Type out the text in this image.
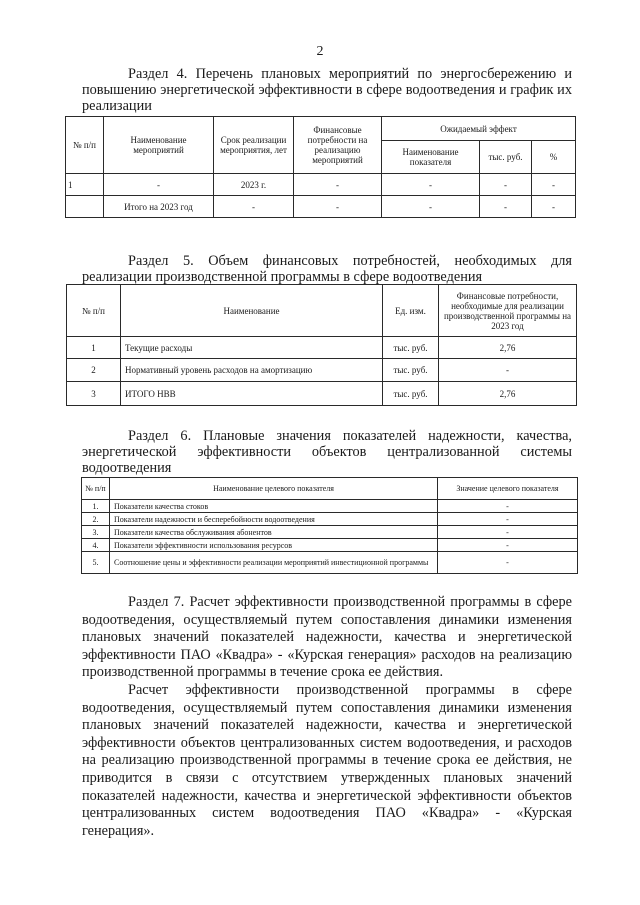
2
Раздел 4. Перечень плановых мероприятий по энергосбережению и повышению энергетической эффективности в сфере водоотведения и график их реализации
№ п/п	Наименование мероприятий	Срок реализации мероприятия, лет	Финансовые потребности на реализацию мероприятий	Ожидаемый эффект		
				Наименование показателя	тыс. руб.	%
1	-	2023 г.	-	-	-	-
	Итого на 2023 год	-	-	-	-	-
Раздел 5. Объем финансовых потребностей, необходимых для реализации производственной программы в сфере водоотведения
№ п/п	Наименование	Ед. изм.	Финансовые потребности, необходимые для реализации производственной программы на 2023 год
1	Текущие расходы	тыс. руб.	2,76
2	Нормативный уровень расходов на амортизацию	тыс. руб.	-
3	ИТОГО НВВ	тыс. руб.	2,76
Раздел 6. Плановые значения показателей надежности, качества, энергетической эффективности объектов централизованной системы водоотведения
№ п/п	Наименование целевого показателя	Значение целевого показателя
1.	Показатели качества стоков	-
2.	Показатели надежности и бесперебойности водоотведения	-
3.	Показатели качества обслуживания абонентов	-
4.	Показатели эффективности использования ресурсов	-
5.	Соотношение цены и эффективности реализации мероприятий инвестиционной программы	-
Раздел 7. Расчет эффективности производственной программы в сфере водоотведения, осуществляемый путем сопоставления динамики изменения плановых значений показателей надежности, качества и энергетической эффективности ПАО «Квадра» - «Курская генерация» расходов на реализацию производственной программы в течение срока ее действия.
Расчет эффективности производственной программы в сфере водоотведения, осуществляемый путем сопоставления динамики изменения плановых значений показателей надежности, качества и энергетической эффективности объектов централизованных систем водоотведения, и расходов на реализацию производственной программы в течение срока ее действия, не приводится в связи с отсутствием утвержденных плановых значений показателей надежности, качества и энергетической эффективности объектов централизованных систем водоотведения ПАО «Квадра» - «Курская генерация».
